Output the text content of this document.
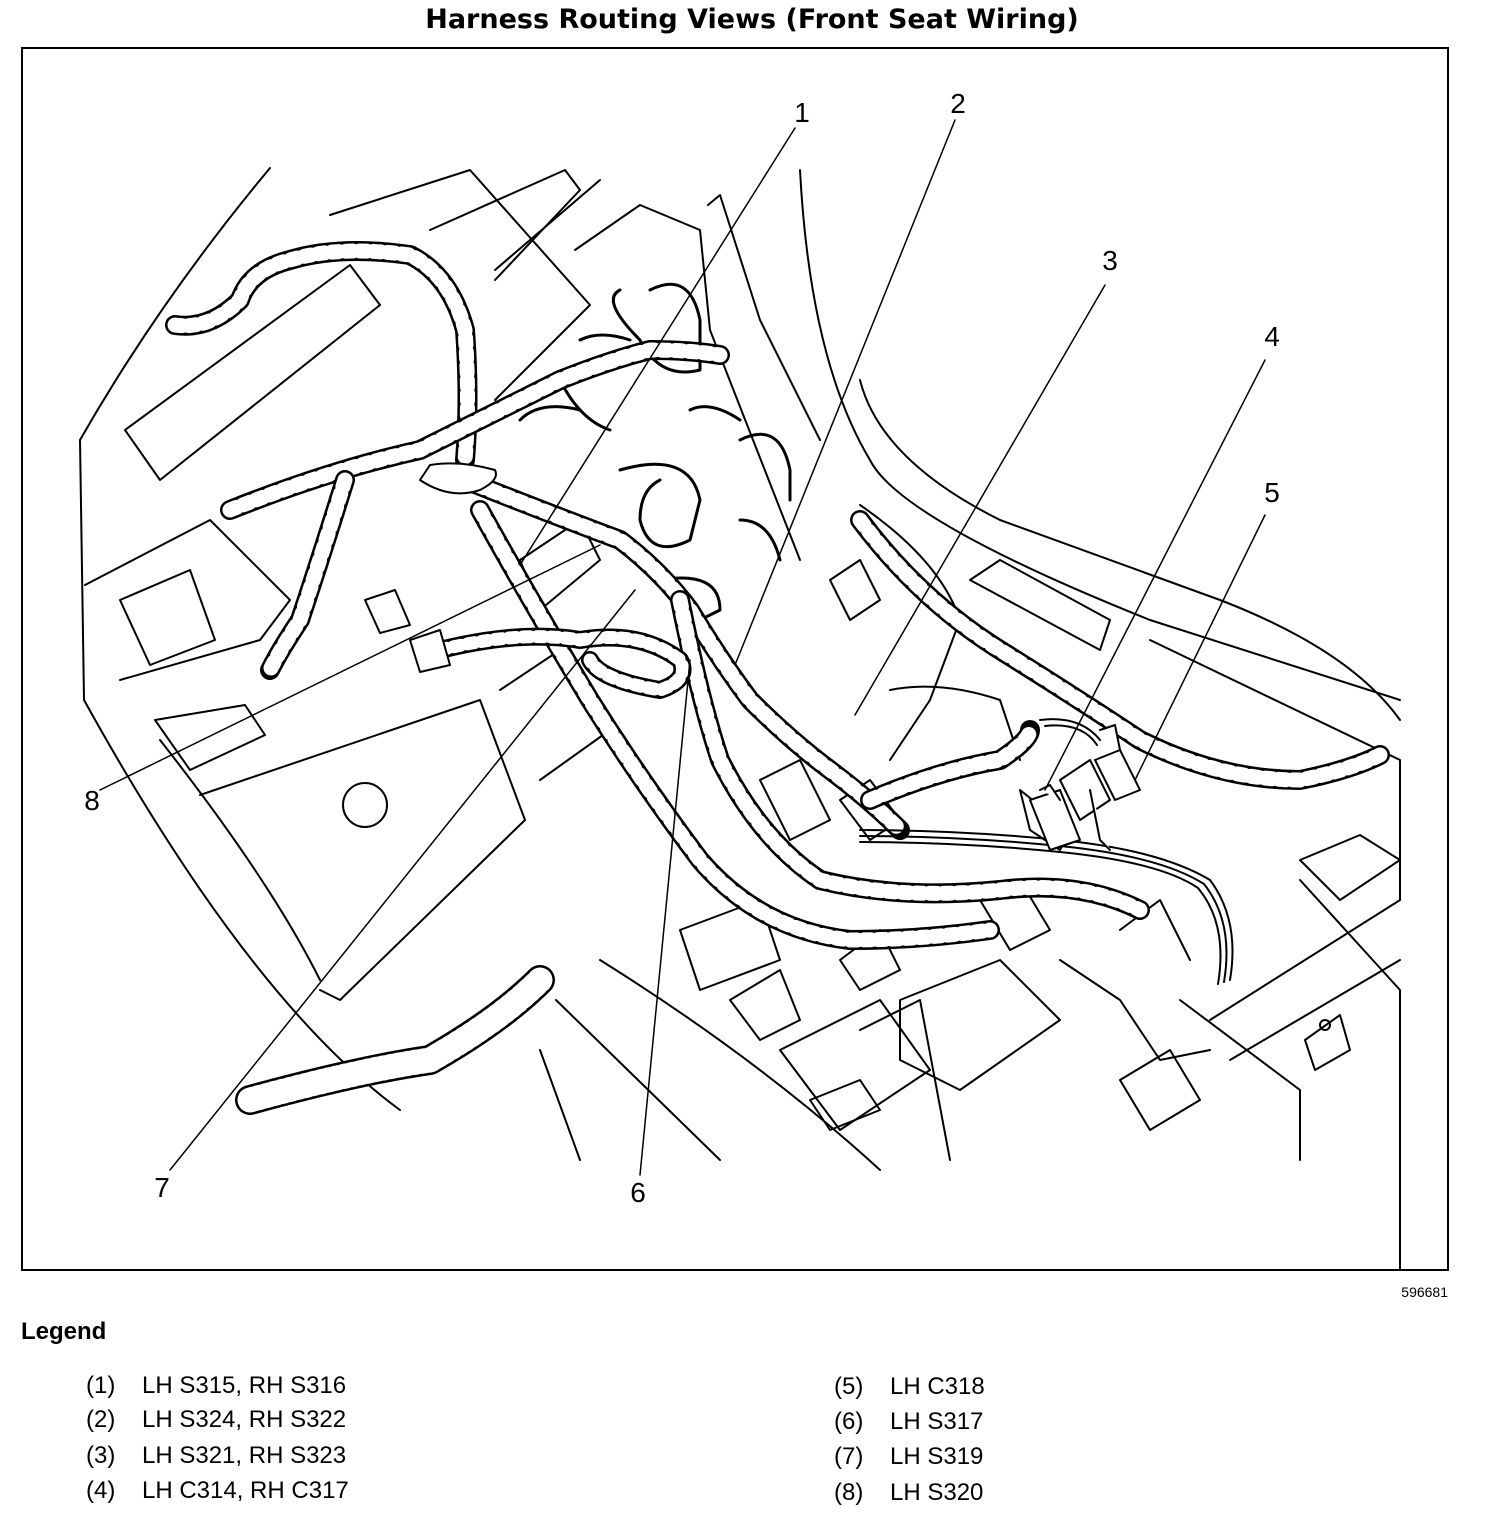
Harness Routing Views (Front Seat Wiring)
1	2
3
4
5
6
7
8
596681
Legend
(1) LH S315, RH S316
(2) LH S324, RH S322
(3) LH S321, RH S323
(4) LH C314, RH C317
(5) LH C318
(6) LH S317
(7) LH S319
(8) LH S320
